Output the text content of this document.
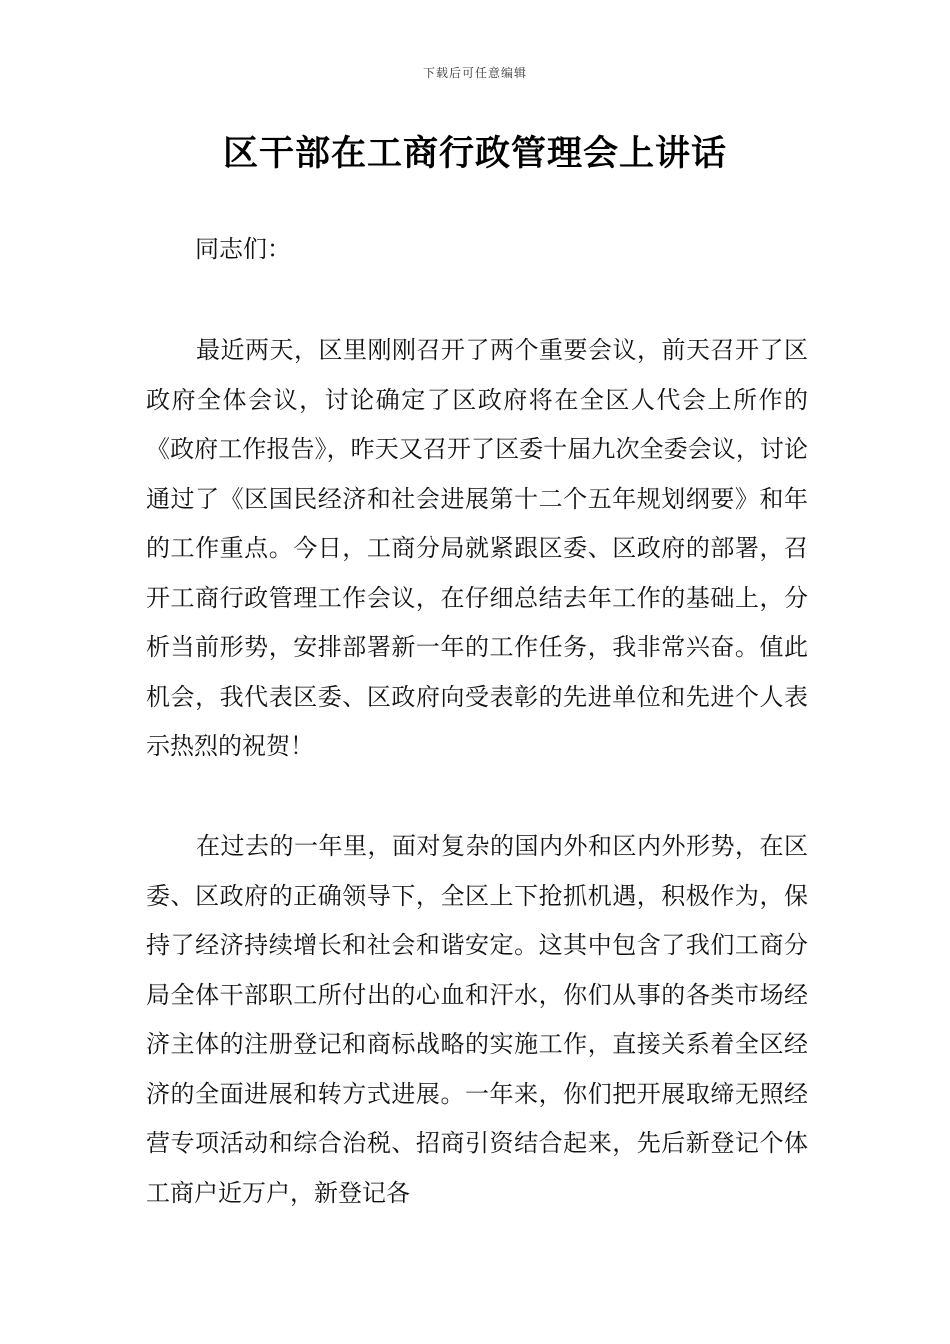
下载后可任意编辑
区干部在工商行政管理会上讲话

同志们：

最近两天，区里刚刚召开了两个重要会议，前天召开了区政府全体会议，讨论确定了区政府将在全区人代会上所作的《政府工作报告》，昨天又召开了区委十届九次全委会议，讨论通过了《区国民经济和社会进展第十二个五年规划纲要》和年的工作重点。今日，工商分局就紧跟区委、区政府的部署，召开工商行政管理工作会议，在仔细总结去年工作的基础上，分析当前形势，安排部署新一年的工作任务，我非常兴奋。值此机会，我代表区委、区政府向受表彰的先进单位和先进个人表示热烈的祝贺！

在过去的一年里，面对复杂的国内外和区内外形势，在区委、区政府的正确领导下，全区上下抢抓机遇，积极作为，保持了经济持续增长和社会和谐安定。这其中包含了我们工商分局全体干部职工所付出的心血和汗水，你们从事的各类市场经济主体的注册登记和商标战略的实施工作，直接关系着全区经济的全面进展和转方式进展。一年来，你们把开展取缔无照经营专项活动和综合治税、招商引资结合起来，先后新登记个体工商户近万户，新登记各
